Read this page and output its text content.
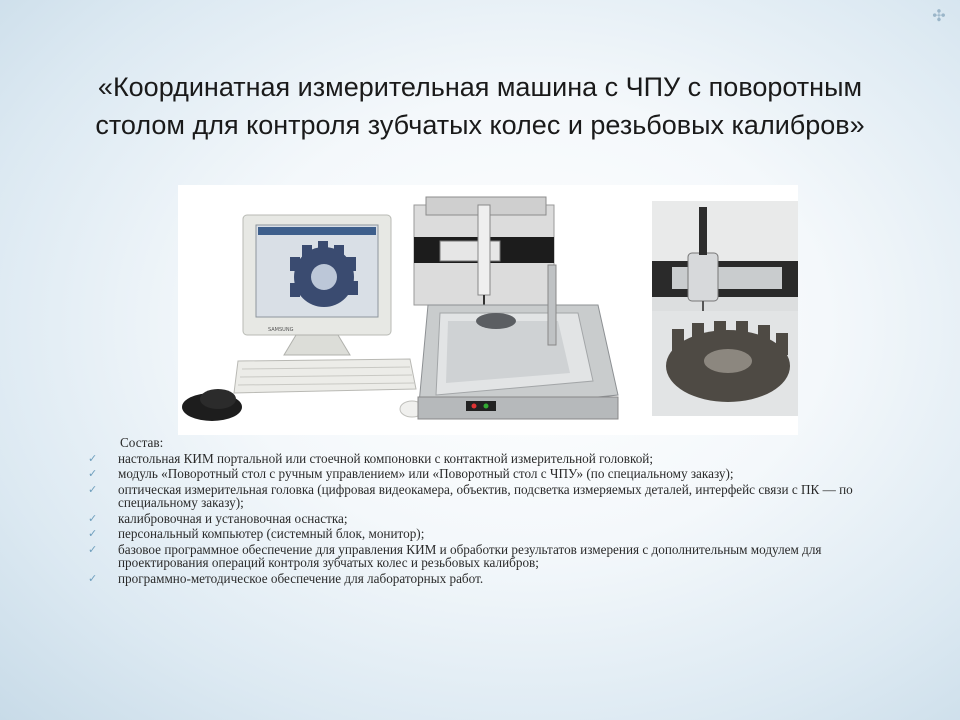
✣
«Координатная измерительная машина с ЧПУ с поворотным столом для контроля зубчатых колес и резьбовых калибров»
SAMSUNG
Состав:
✓ настольная КИМ портальной или стоечной компоновки с контактной измерительной головкой;
✓ модуль «Поворотный стол с ручным управлением» или «Поворотный стол с ЧПУ» (по специальному заказу);
✓ оптическая измерительная головка (цифровая видеокамера, объектив, подсветка измеряемых деталей, интерфейс связи с ПК — по специальному заказу);
✓ калибровочная и установочная оснастка;
✓ персональный компьютер (системный блок, монитор);
✓ базовое программное обеспечение для управления КИМ и обработки результатов измерения с дополнительным модулем для проектирования операций контроля зубчатых колес и резьбовых калибров;
✓ программно-методическое обеспечение для лабораторных работ.
